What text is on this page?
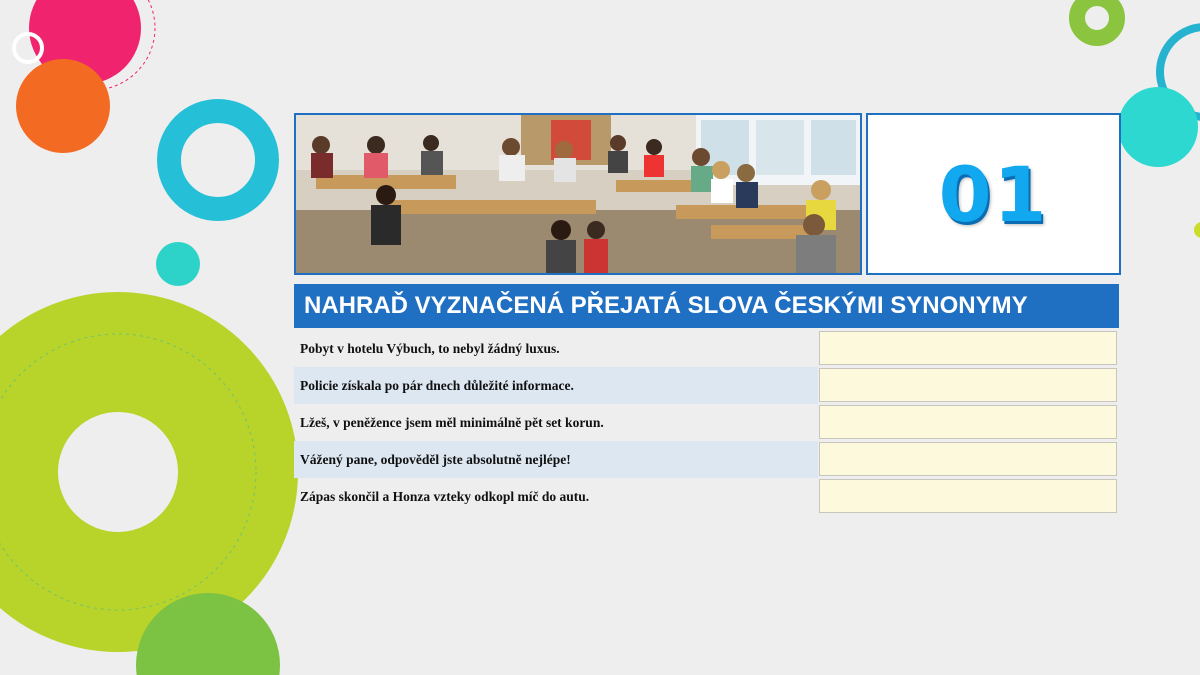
01
NAHRAĎ VYZNAČENÁ PŘEJATÁ SLOVA ČESKÝMI SYNONYMY
Pobyt v hotelu Výbuch, to nebyl žádný luxus.
Policie získala po pár dnech důležité informace.
Lžeš, v peněžence jsem měl minimálně pět set korun.
Vážený pane, odpověděl jste absolutně nejlépe!
Zápas skončil a Honza vzteky odkopl míč do autu.
